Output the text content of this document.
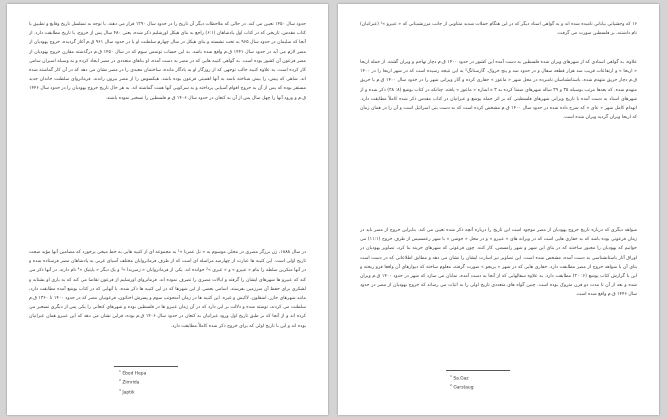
حدود سال ۱۴۵۰ تعیین می کند. در حالی که ملاحظات دیگر آن تاریخ را در حدود سال ۱۲۹۰ قرار می دهند. با توجه به تسلسل تاریخ وقایع و تطبیق با کتاب مقدس، تاریخی که در کتاب اول پادشاهان (۶:۱) راجع به بنای هیکل اورشلیم ذکر شده، یعنی ۴۸۰ سال پس از خروج، با تاریخ مطابقت دارد. از آنجا که سلیمان در حدود سال ۹۶۵ به تخت نشسته و بنای هیکل در سال چهارم سلطنت او یا در حدود سال ۹۶۱ ق.م آغاز گردیده، خروج یهودیان از مصر لازم می آید در حدود سال ۱۴۴۱ ق.م واقع شده باشد. به این حساب توتمس سوم که در سال ۱۴۵۰ ق.م درگذشته مقارن خروج یهودیان از مصر فرعون آن کشور بوده است. به گواهی کتیبه هایی که در مصر به دست آمده، او بناهای متعددی در مصر ایجاد کرده و به وسیله اسیران سامی کار کرده است. به علاوه کتیبه جالب توجهی که از روزگار او به یادگار مانده، ساختمان معبدی را در مصر نشان می دهد که در آن کار گماشته شده اند. شاهی که پیش، را بیش شناخته باشد به آنها اهمیتی فرعون بوده باشد. هیکسوس را از مصر بیرون راندند. فرمانروای سلطنت خاندان جدید مستقر بوده که پس از آن به خروج اقوام آسیایی پرداخته و به سرکوبی آنها همت گماشته اند. به هر حال تاریخ خروج یهودیان را در حدود سال ۱۴۴۶ ق.م و ورود آنها را چهل سال پس از آن به کنعان در حدود سال ۱۴۰۶ ق.م فلسطین را تسخیر نموده باشند.

در سال ۱۸۸۸، زن برزگر مصری در محلی موسوم به « تل عمرنا »¹ به مجموعه ای از کتیبه هایی به خط میخی برخورد که مضامین آنها مؤید صحت تاریخ اولی است. این کتیبه ها عبارت از چهارصد مراسله ای است که از طرف فرمانروایان مختلف آسیای غربی به پادشاهان مصر فرستاده شده و در آنها منکرین سلطه را بنام « عبیرو » و « عبری »² خوانده اند. یکی از فرمانروایان « زمیریدا »³ و یک دیگر « یاپتیک »⁴ نام دارند. در آنها ذکر می کند که عبیرو ها شهرهای ایشان را گرفته و ایالات مصری را تصرف نموده اند. فرمانروای اورشلیم از فرعون تقاضا می کند که به یاری او بشتابد و لشکری برای حفظ آن سرزمین بفرستد. اسامی بعضی از این شهرها که در این کتیبه ها ذکر شده، با آنهایی که در کتاب یوشع آمده مطابقت دارد، مانند شهرهای جازر، اشقلون، لاکیش و غیره. این کتیبه ها در زمان آمنحوتپ سوم و پسرش اخناتون، فرعونیان مصر که در حدود ۱۴۰۰ تا ۱۳۶۰ ق.م سلطنت می کردند، نوشته شده و دلالت بر این دارد که در آن زمان عبیرو ها در فلسطین بوده و شهرهای کنعانی را یکی پس از دیگری تسخیر می کرده اند و از آنجا که بر طبق تاریخ اول ورود عبرانیان به کنعان در حدود سال ۱۴۰۶ ق.م بوده، قراین نشان می دهد که این عبیرو همان عبرانیان بوده اند و این با تاریخ اولی که برای خروج ذکر شده کاملاً مطابقت دارد.

$^1$ Ebed Hepa
$^2$ Zimrida
$^3$ Japtik

۱۶ که وحشیانی بیابانی نامیده شده اند و به گواهی اسناد دیگر که در این هنگام حملات شدید متناوبی از جانب مرزنشینانی که « عبیرو »¹ (عبرانیان) نام داشتند، بر فلسطین صورت می گرفت.

علاوه، به گواهی اسنادی که از شهرهای ویران شده فلسطین به دست آمده این کشور در حدود ۱۴۰۰ ق.م دچار تهاجم و ویران گشته. از جمله اریحا « اریحا » و ارتفاعات قریب صد هزار قطعه سفال و در حدود صد و پنج خروک. گارستانگ² به این نتیجه رسیده است که در شهر اریحا را در ۱۴۰۰ ق.م دچار حریق متهدم شده، باستانشناسان نامبرده در محل شهر « ماعوز » حفاری کرده و آثار ویرانی شهر را در حدود سال ۱۴۰۰ ق.م یا حریق منهدم شده. که بعدها مرتب بوسیله ۳۵ و ۳۹ ساله شهرهای ضمنا کرده به ۳ ه اشاره « ماعوز » یافته. چنانکه در کتاب یوشع (۸: ۲۸) ذکر شده و از شهرهای اسناد به دست آمده با تاریخ ویرانی شهرهای فلسطینی که بر اثر حمله یوشع و عبرانیان در کتاب مقدس ذکر شده کاملاً مطابقت دارد. انهدام کامل شهر « عای » که شرح داده شده در حدود سال ۱۴۰۰ ق.م مشخص کرده است که به دست بنی اسرائیل است و آن را در همان زمان که اریحا ویران گردید ویران شده است.

شواهد دیگری که درباره تاریخ خروج یهودیان از مصر موجود است این تاریخ را درباره آنچه ذکر شده تعیین می کند. بنابراین خروج از مصر باید در زمان فرعونی بوده باشد که به حفاری هایی است که در ویرانه های « عبیرو » و در محل « جوشن » با شهر رعمسیس از طرف خروج (۱۱:۱) می خوانیم که یهودیان را مجبور ساختند که در بنای این شهر و شهر رامسس، کار کنند. چون فرعونی که شهرهای خزینه بنا کرد، تصاویر یهودیان در اوراق آثار باستانشناسی به دست آمده، مشخص شده است. این تصاویر نیز اسارت ایشان را نشان می دهد و مطابق اطلاعاتی که در دست است بنای آن با شواهد خروج از مصر مطابقت دارد. حفاری هایی که در شهر « یریحو » صورت گرفته، معلوم ساخته که دیوارهای آن واقعا فرو ریخته و این با گزارش کتاب یوشع (۶: ۲۰) مطابقت دارد. به علاوه سفالهایی که از آنجا به دست آمده، نمایان می سازد که شهر در حدود ۱۴۰۰ ق.م ویران شده و بعد از آن تا مدت دو قرن متروک بوده است. چنین گواه های متعددی تاریخ اولی را به اثبات می رساند که خروج یهودیان از مصر در حدود سال ۱۴۴۶ ق.م واقع شده است.

$^1$ Sa.Gaz
$^2$ Garstaug
